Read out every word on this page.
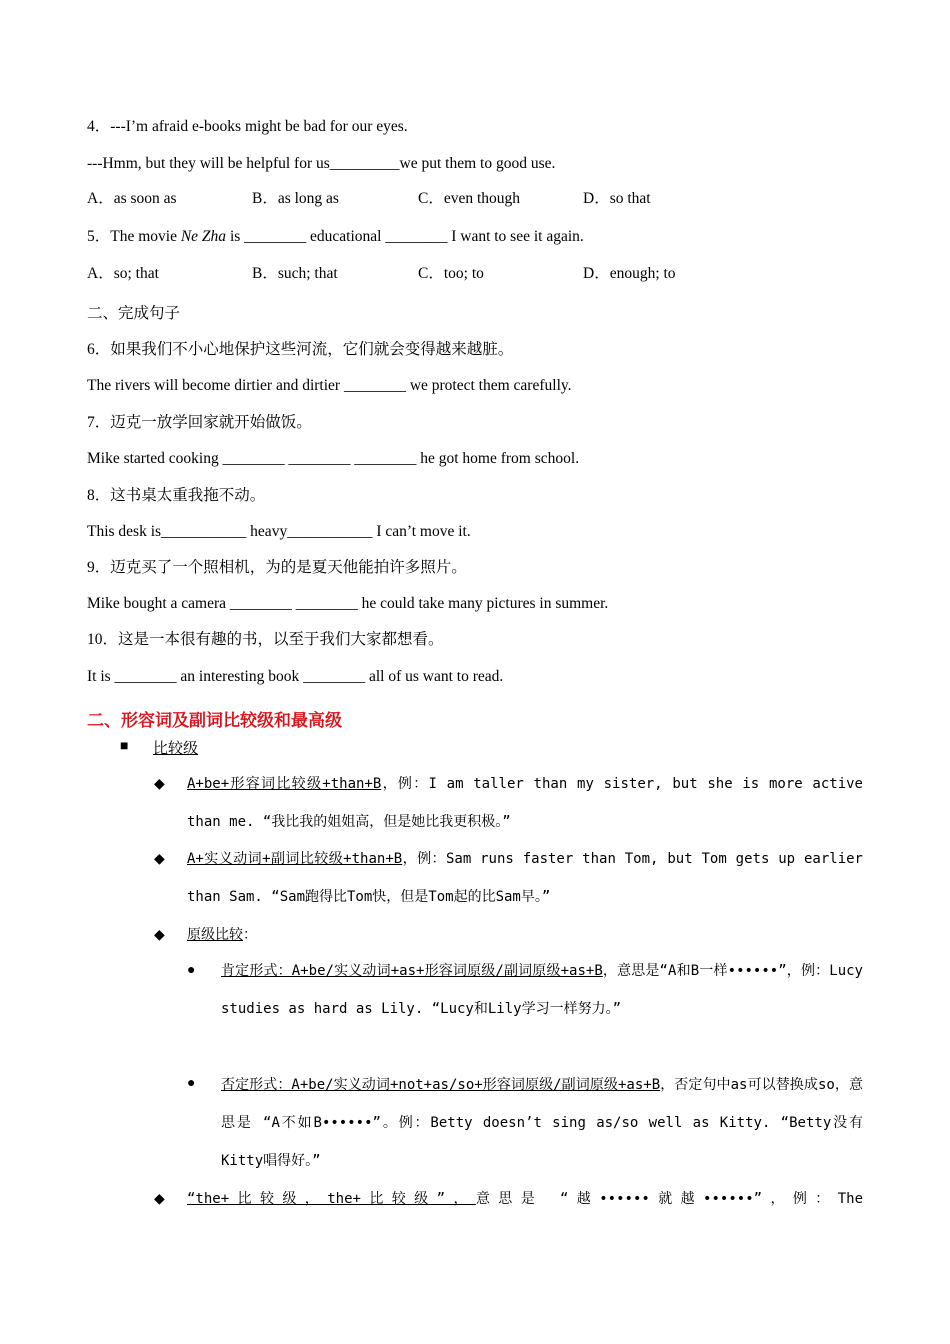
4．---I’m afraid e-books might be bad for our eyes.
---Hmm, but they will be helpful for us_________we put them to good use.
A．as soon as	B．as long as	C．even though	D．so that
5．The movie Ne Zha is ________ educational ________ I want to see it again.
A．so; that	B．such; that	C．too; to	D．enough; to
二、完成句子
6．如果我们不小心地保护这些河流，它们就会变得越来越脏。
The rivers will become dirtier and dirtier ________ we protect them carefully.
7．迈克一放学回家就开始做饭。
Mike started cooking ________ ________ ________ he got home from school.
8．这书桌太重我拖不动。
This desk is___________ heavy___________ I can’t move it.
9．迈克买了一个照相机，为的是夏天他能拍许多照片。
Mike bought a camera ________ ________ he could take many pictures in summer.
10．这是一本很有趣的书，以至于我们大家都想看。
It is ________ an interesting book ________ all of us want to read.
二、形容词及副词比较级和最高级
■ 比较级
◆ A+be+形容词比较级+than+B，例：I am taller than my sister, but she is more active than me. “我比我的姐姐高，但是她比我更积极。”
◆ A+实义动词+副词比较级+than+B，例：Sam runs faster than Tom, but Tom gets up earlier than Sam. “Sam跑得比Tom快，但是Tom起的比Sam早。”
◆ 原级比较：
● 肯定形式：A+be/实义动词+as+形容词原级/副词原级+as+B，意思是“A和B一样••••••”，例：Lucy studies as hard as Lily. “Lucy和Lily学习一样努力。”
● 否定形式：A+be/实义动词+not+as/so+形容词原级/副词原级+as+B，否定句中as可以替换成so，意思是 “A不如B••••••”。例：Betty doesn’t sing as/so well as Kitty. “Betty没有Kitty唱得好。”
◆ “the+比较级，the+比较级”，意思是 “越••••••就越••••••”，例：The
